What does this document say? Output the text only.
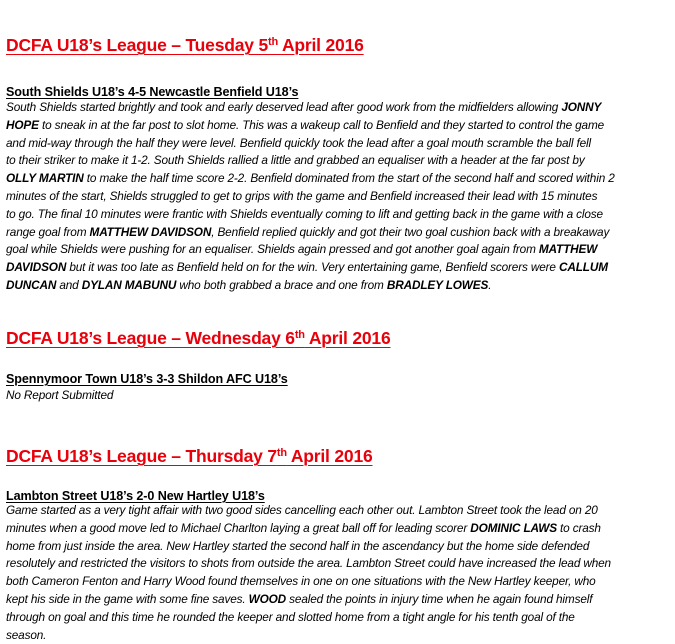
DCFA U18’s League – Tuesday 5th April 2016
South Shields U18’s 4-5 Newcastle Benfield U18’s
South Shields started brightly and took and early deserved lead after good work from the midfielders allowing JONNY
HOPE to sneak in at the far post to slot home. This was a wakeup call to Benfield and they started to control the game
and mid-way through the half they were level. Benfield quickly took the lead after a goal mouth scramble the ball fell
to their striker to make it 1-2. South Shields rallied a little and grabbed an equaliser with a header at the far post by
OLLY MARTIN to make the half time score 2-2. Benfield dominated from the start of the second half and scored within 2
minutes of the start, Shields struggled to get to grips with the game and Benfield increased their lead with 15 minutes
to go. The final 10 minutes were frantic with Shields eventually coming to lift and getting back in the game with a close
range goal from MATTHEW DAVIDSON, Benfield replied quickly and got their two goal cushion back with a breakaway
goal while Shields were pushing for an equaliser. Shields again pressed and got another goal again from MATTHEW
DAVIDSON but it was too late as Benfield held on for the win. Very entertaining game, Benfield scorers were CALLUM
DUNCAN and DYLAN MABUNU who both grabbed a brace and one from BRADLEY LOWES.
DCFA U18’s League – Wednesday 6th April 2016
Spennymoor Town U18’s 3-3 Shildon AFC U18’s
No Report Submitted
DCFA U18’s League – Thursday 7th April 2016
Lambton Street U18’s 2-0 New Hartley U18’s
Game started as a very tight affair with two good sides cancelling each other out. Lambton Street took the lead on 20
minutes when a good move led to Michael Charlton laying a great ball off for leading scorer DOMINIC LAWS to crash
home from just inside the area. New Hartley started the second half in the ascendancy but the home side defended
resolutely and restricted the visitors to shots from outside the area. Lambton Street could have increased the lead when
both Cameron Fenton and Harry Wood found themselves in one on one situations with the New Hartley keeper, who
kept his side in the game with some fine saves. WOOD sealed the points in injury time when he again found himself
through on goal and this time he rounded the keeper and slotted home from a tight angle for his tenth goal of the
season.
